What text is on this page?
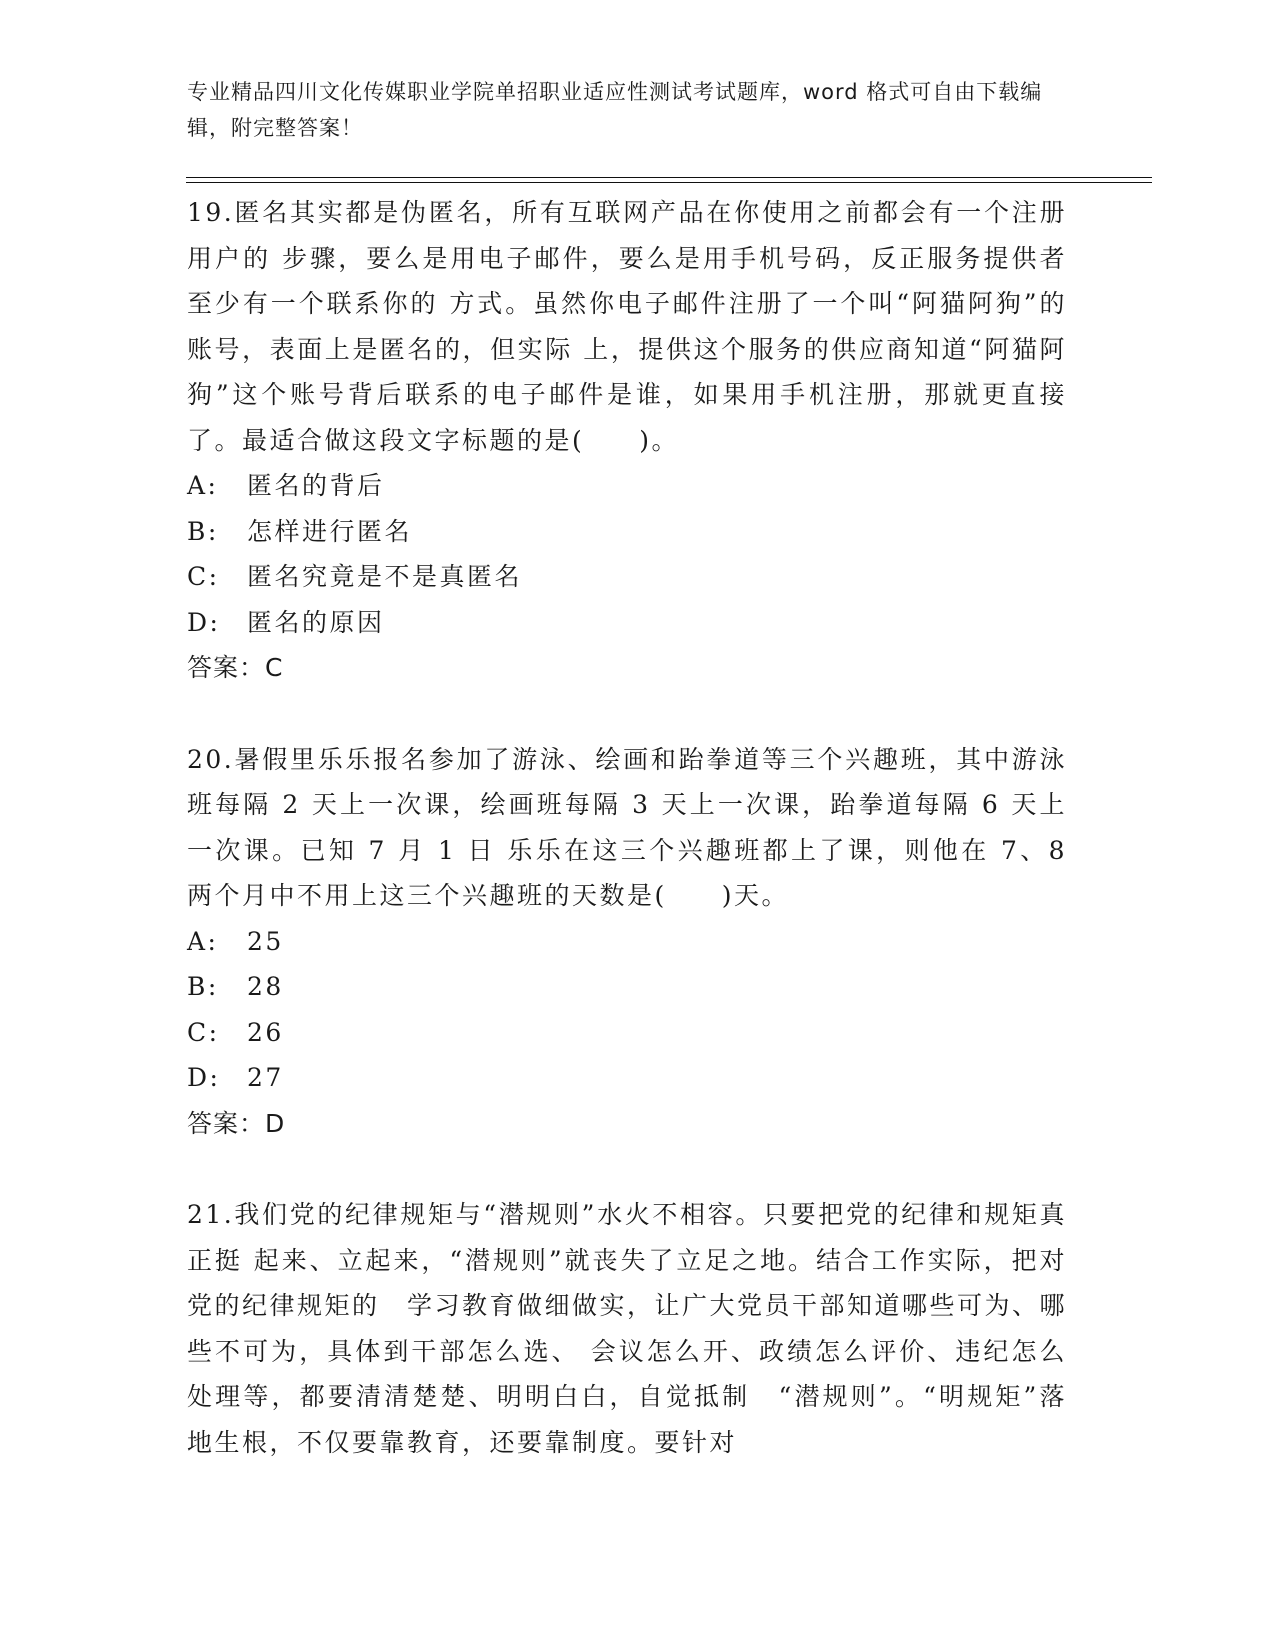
专业精品四川文化传媒职业学院单招职业适应性测试考试题库，word 格式可自由下载编辑，附完整答案！

19.匿名其实都是伪匿名，所有互联网产品在你使用之前都会有一个注册用户的 步骤，要么是用电子邮件，要么是用手机号码，反正服务提供者至少有一个联系你的 方式。虽然你电子邮件注册了一个叫“阿猫阿狗”的账号，表面上是匿名的，但实际 上，提供这个服务的供应商知道“阿猫阿狗”这个账号背后联系的电子邮件是谁，如果用手机注册，那就更直接了。最适合做这段文字标题的是(　　)。

A:	匿名的背后
B:	怎样进行匿名
C:	匿名究竟是不是真匿名
D:	匿名的原因

答案：C

20.暑假里乐乐报名参加了游泳、绘画和跆拳道等三个兴趣班，其中游泳班每隔 2 天上一次课，绘画班每隔 3 天上一次课，跆拳道每隔 6 天上一次课。已知 7 月 1 日 乐乐在这三个兴趣班都上了课，则他在 7、8 两个月中不用上这三个兴趣班的天数是(　　)天。

A:	25
B:	28
C:	26
D:	27

答案：D

21.我们党的纪律规矩与“潜规则”水火不相容。只要把党的纪律和规矩真正挺 起来、立起来，“潜规则”就丧失了立足之地。结合工作实际，把对党的纪律规矩的　学习教育做细做实，让广大党员干部知道哪些可为、哪些不可为，具体到干部怎么选、 会议怎么开、政绩怎么评价、违纪怎么处理等，都要清清楚楚、明明白白，自觉抵制　“潜规则”。“明规矩”落地生根，不仅要靠教育，还要靠制度。要针对
